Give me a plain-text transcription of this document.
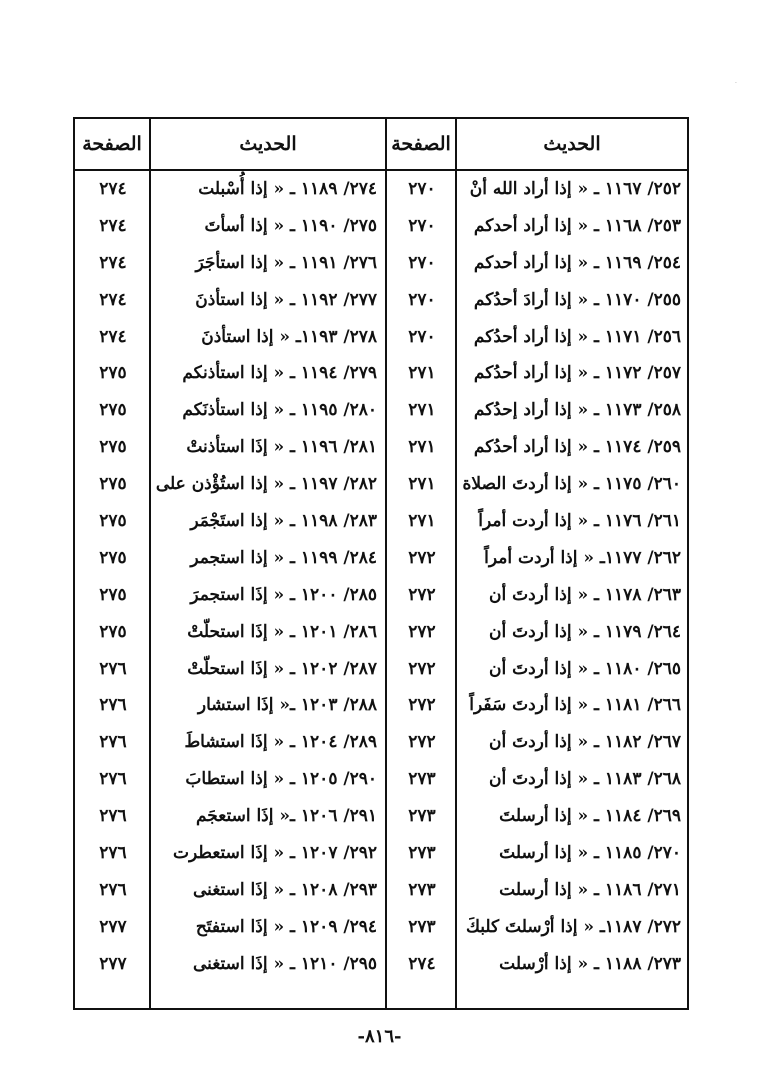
·
الحديث
الصفحة
الحديث
الصفحة
٢٥٢/ ١١٦٧ ـ « إذا أراد الله أنْ
٢٧٠
٢٧٤/ ١١٨٩ ـ « إذا أُسْبلت
٢٧٤
٢٥٣/ ١١٦٨ ـ « إذا أراد أحدكم
٢٧٠
٢٧٥/ ١١٩٠ ـ « إذا أسأتَ
٢٧٤
٢٥٤/ ١١٦٩ ـ « إذا أراد أحدكم
٢٧٠
٢٧٦/ ١١٩١ ـ « إذا استأجَرَ
٢٧٤
٢٥٥/ ١١٧٠ ـ « إذا أرادَ أحدُكم
٢٧٠
٢٧٧/ ١١٩٢ ـ « إذا استأذنَ
٢٧٤
٢٥٦/ ١١٧١ ـ « إذا أراد أحدُكم
٢٧٠
٢٧٨/ ١١٩٣ـ « إذا استأذنَ
٢٧٤
٢٥٧/ ١١٧٢ ـ « إذا أراد أحدُكم
٢٧١
٢٧٩/ ١١٩٤ ـ « إذا استأذنكم
٢٧٥
٢٥٨/ ١١٧٣ ـ « إذا أراد إحدُكم
٢٧١
٢٨٠/ ١١٩٥ ـ « إذا استأذنَكم
٢٧٥
٢٥٩/ ١١٧٤ ـ « إذا أراد أحدُكم
٢٧١
٢٨١/ ١١٩٦ ـ « إذَا استأذنتْ
٢٧٥
٢٦٠/ ١١٧٥ ـ « إذا أردتَ الصلاة
٢٧١
٢٨٢/ ١١٩٧ ـ « إذا استُؤْذن على
٢٧٥
٢٦١/ ١١٧٦ ـ « إذا أردت أمراً
٢٧١
٢٨٣/ ١١٩٨ ـ « إذا استَجْمَر
٢٧٥
٢٦٢/ ١١٧٧ـ « إذا أردت أمراً
٢٧٢
٢٨٤/ ١١٩٩ ـ « إذا استجمر
٢٧٥
٢٦٣/ ١١٧٨ ـ « إذا أردتَ أن
٢٧٢
٢٨٥/ ١٢٠٠ ـ « إذَا استجمرَ
٢٧٥
٢٦٤/ ١١٧٩ ـ « إذا أردتَ أن
٢٧٢
٢٨٦/ ١٢٠١ ـ « إذَا استحلّتْ
٢٧٥
٢٦٥/ ١١٨٠ ـ « إذا أردتَ أن
٢٧٢
٢٨٧/ ١٢٠٢ ـ « إذَا استحلّتْ
٢٧٦
٢٦٦/ ١١٨١ ـ « إذا أردتَ سَفَراً
٢٧٢
٢٨٨/ ١٢٠٣ ـ« إذَا استشار
٢٧٦
٢٦٧/ ١١٨٢ ـ « إذا أردتَ أن
٢٧٢
٢٨٩/ ١٢٠٤ ـ « إذَا استشاطَ
٢٧٦
٢٦٨/ ١١٨٣ ـ « إذا أردتَ أن
٢٧٣
٢٩٠/ ١٢٠٥ ـ « إذا استطابَ
٢٧٦
٢٦٩/ ١١٨٤ ـ « إذا أرسلتَ
٢٧٣
٢٩١/ ١٢٠٦ ـ« إذَا استعجَم
٢٧٦
٢٧٠/ ١١٨٥ ـ « إذا أرسلتَ
٢٧٣
٢٩٢/ ١٢٠٧ ـ « إذَا استعطرت
٢٧٦
٢٧١/ ١١٨٦ ـ « إذا أرسلت
٢٧٣
٢٩٣/ ١٢٠٨ ـ « إذَا استغنى
٢٧٦
٢٧٢/ ١١٨٧ـ « إذا أرْسلتَ كلبكَ
٢٧٣
٢٩٤/ ١٢٠٩ ـ « إذَا استفتَح
٢٧٧
٢٧٣/ ١١٨٨ ـ « إذا أرْسلت
٢٧٤
٢٩٥/ ١٢١٠ ـ « إذَا استغنى
٢٧٧
-٨١٦-
